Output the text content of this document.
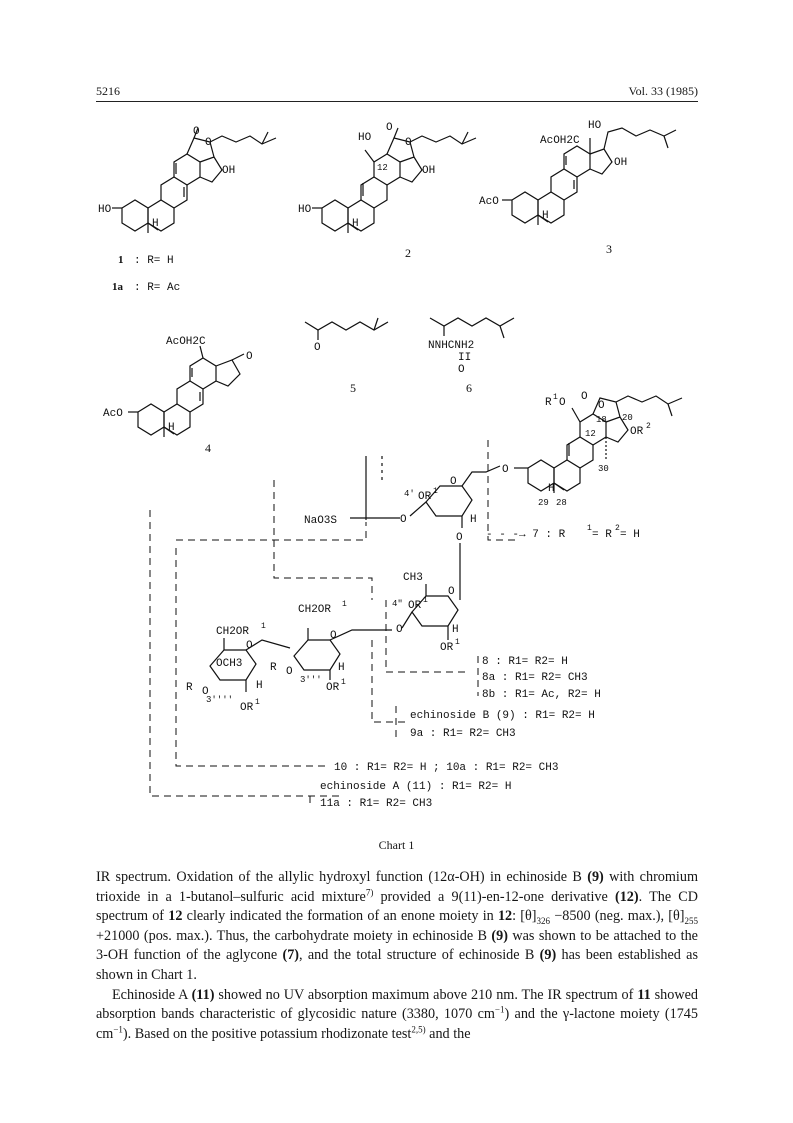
5216	Vol. 33 (1985)
HO
OH
H
O
O
1 : R= H
1a : R= Ac
HO
O
O
12	OH
HO
H
2
HO
AcOH2C
OH
AcO
H
3
AcOH2C
O
AcO
H
4
O
5
NNHCNH2
II
O
6
R 1 O O
O
18 20
12	OR 2
30
29 28
H
O
O
4' OR 1
H
O
O
CH3
O
4" OR 1
H
O
OR 1
CH2OR 1
O
R O	H
3'''
OR 1
CH2OR 1
O
OCH3
R O	H
3''''
OR 1
NaO3S
- - -→ 7 : R
1
= R
2
= H
8 : R1= R2= H
8a : R1= R2= CH3
8b : R1= Ac, R2= H
echinoside B (9) : R1= R2= H
9a : R1= R2= CH3
10 : R1= R2= H ; 10a : R1= R2= CH3
echinoside A (11) : R1= R2= H
11a : R1= R2= CH3
Chart 1

IR spectrum. Oxidation of the allylic hydroxyl function (12α-OH) in echinoside B (9) with chromium trioxide in a 1-butanol–sulfuric acid mixture$^{7)}$ provided a 9(11)-en-12-one derivative (12). The CD spectrum of 12 clearly indicated the formation of an enone moiety in 12: $[\theta]_{326} -8500$ (neg. max.), $[\theta]_{255} +21000$ (pos. max.). Thus, the carbohydrate moiety in echinoside B (9) was shown to be attached to the 3-OH function of the aglycone (7), and the total structure of echinoside B (9) has been established as shown in Chart 1.

Echinoside A (11) showed no UV absorption maximum above 210 nm. The IR spectrum of 11 showed absorption bands characteristic of glycosidic nature (3380, 1070 $cm^{-1}$) and the γ-lactone moiety (1745 $cm^{-1}$). Based on the positive potassium rhodizonate test$^{2,5)}$ and the
